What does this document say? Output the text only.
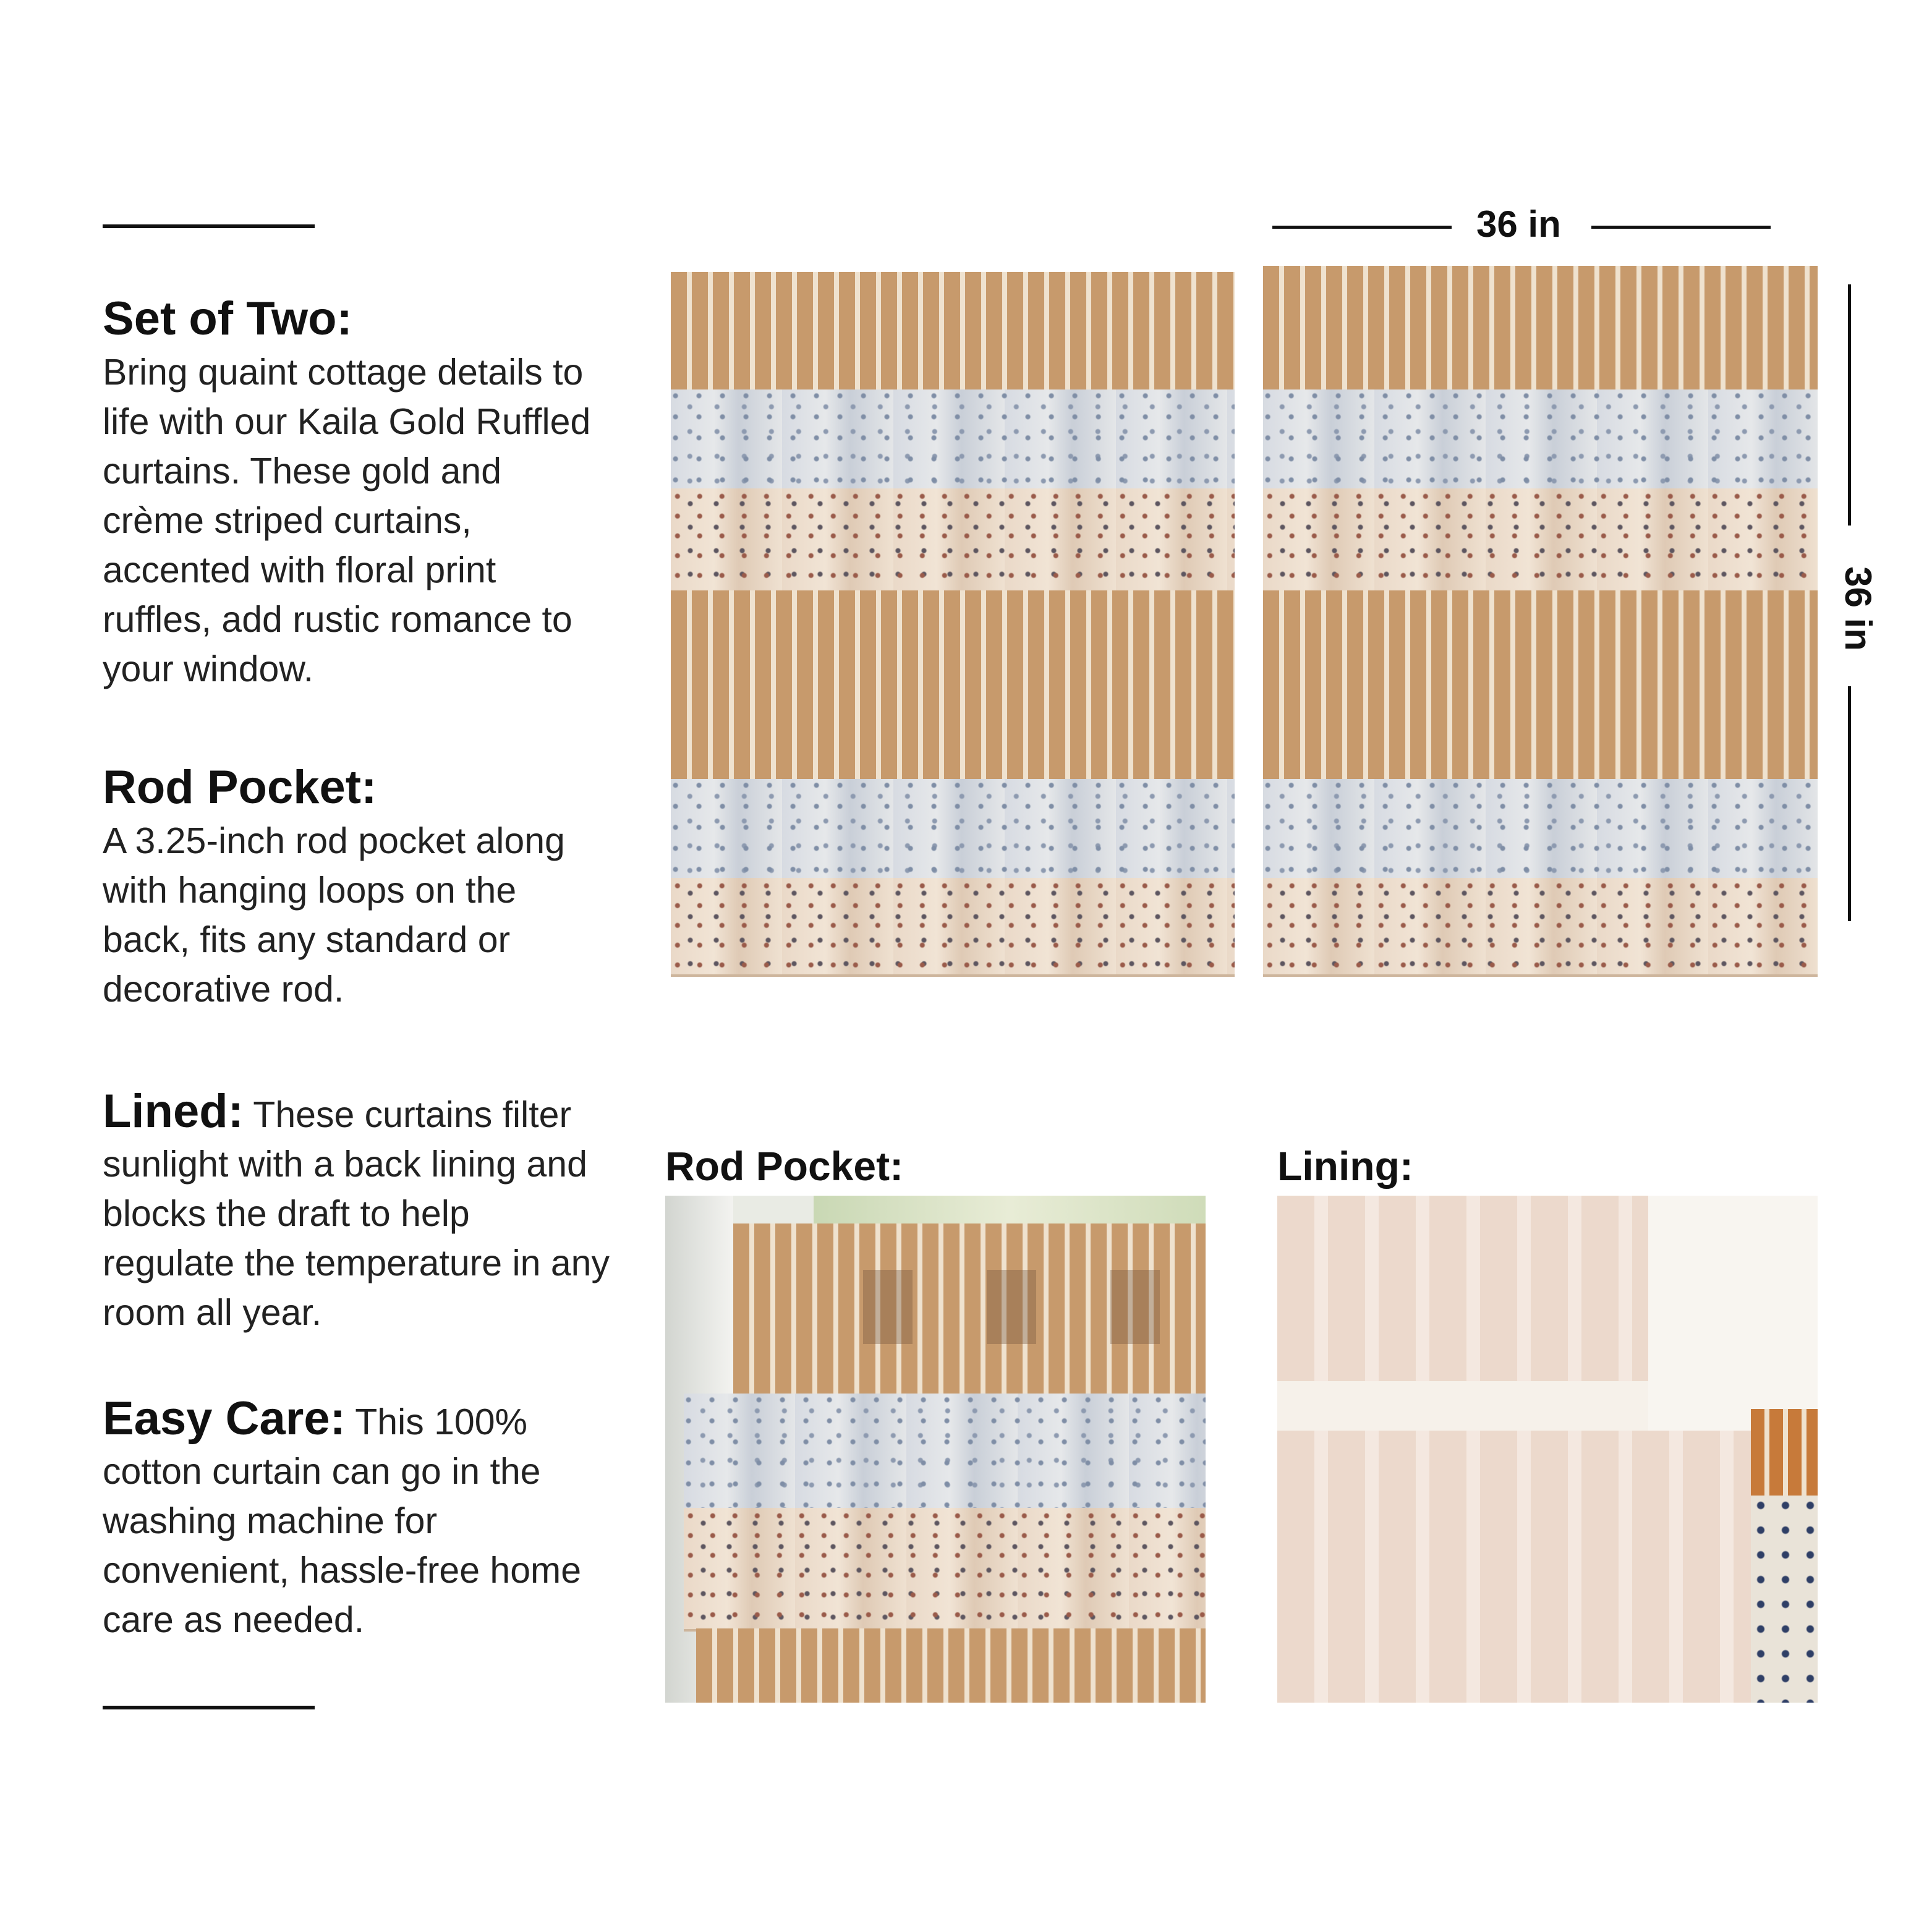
Set of Two:

Bring quaint cottage details to life with our Kaila Gold Ruffled curtains. These gold and crème striped curtains, accented with floral print ruffles, add rustic romance to your window.

Rod Pocket:

A 3.25-inch rod pocket along with hanging loops on the back, fits any standard or decorative rod.

Lined: These curtains filter sunlight with a back lining and blocks the draft to help regulate the temperature in any room all year.
Easy Care: This 100% cotton curtain can go in the washing machine for convenient, hassle-free home care as needed.
36 in
36 in
Rod Pocket:	Lining:
